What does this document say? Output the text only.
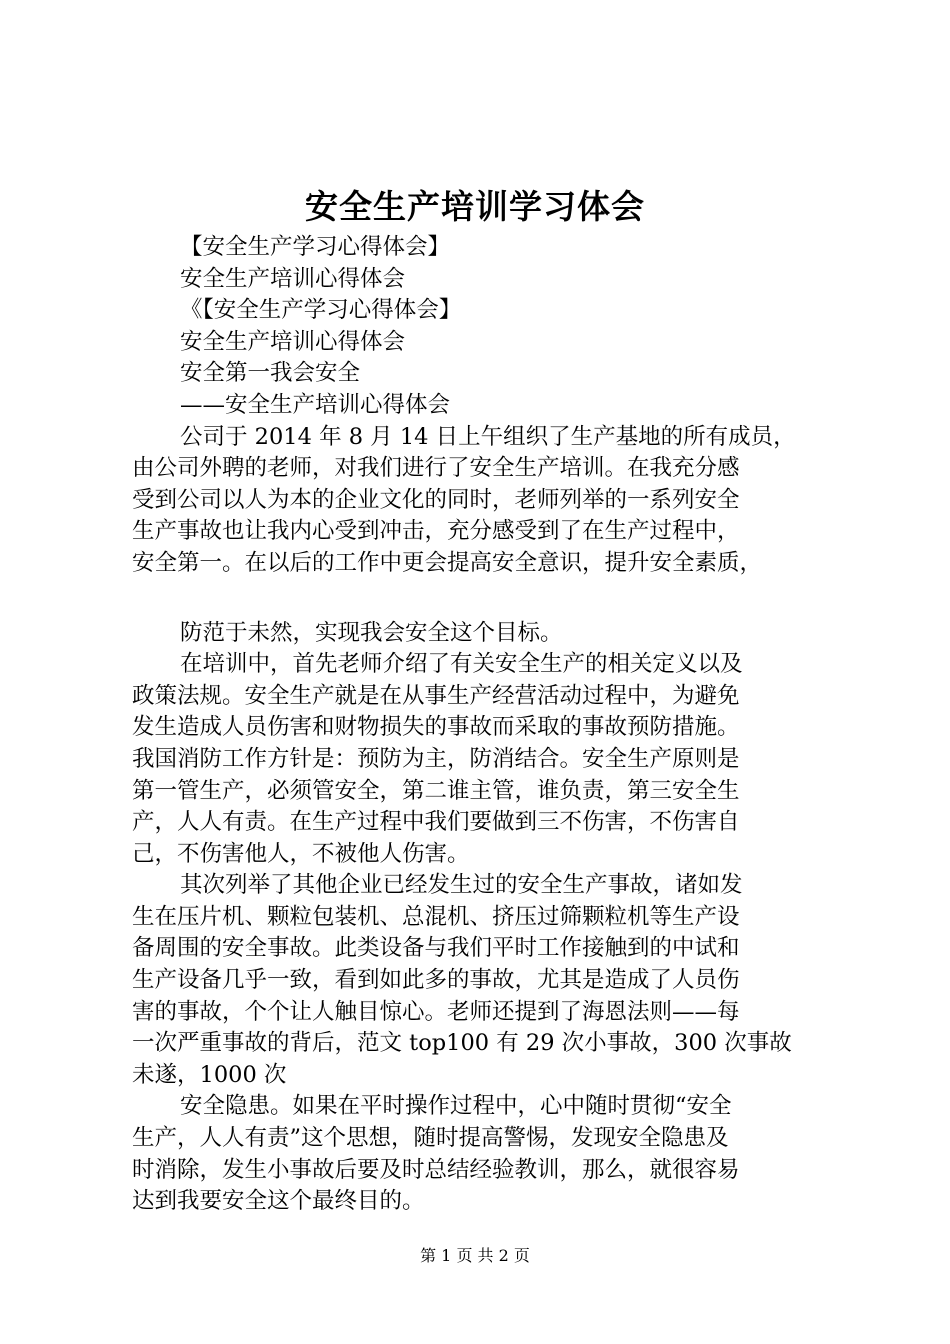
安全生产培训学习体会
【安全生产学习心得体会】
安全生产培训心得体会
《【安全生产学习心得体会】
安全生产培训心得体会
安全第一我会安全
——安全生产培训心得体会
公司于 2014 年 8 月 14 日上午组织了生产基地的所有成员，
由公司外聘的老师，对我们进行了安全生产培训。在我充分感
受到公司以人为本的企业文化的同时，老师列举的一系列安全
生产事故也让我内心受到冲击，充分感受到了在生产过程中，
安全第一。在以后的工作中更会提高安全意识，提升安全素质，
防范于未然，实现我会安全这个目标。
在培训中，首先老师介绍了有关安全生产的相关定义以及
政策法规。安全生产就是在从事生产经营活动过程中，为避免
发生造成人员伤害和财物损失的事故而采取的事故预防措施。
我国消防工作方针是：预防为主，防消结合。安全生产原则是
第一管生产，必须管安全，第二谁主管，谁负责，第三安全生
产，人人有责。在生产过程中我们要做到三不伤害，不伤害自
己，不伤害他人，不被他人伤害。
其次列举了其他企业已经发生过的安全生产事故，诸如发
生在压片机、颗粒包装机、总混机、挤压过筛颗粒机等生产设
备周围的安全事故。此类设备与我们平时工作接触到的中试和
生产设备几乎一致，看到如此多的事故，尤其是造成了人员伤
害的事故，个个让人触目惊心。老师还提到了海恩法则——每
一次严重事故的背后，范文 top100 有 29 次小事故，300 次事故
未遂，1000 次
安全隐患。如果在平时操作过程中，心中随时贯彻“安全
生产，人人有责”这个思想，随时提高警惕，发现安全隐患及
时消除，发生小事故后要及时总结经验教训，那么，就很容易
达到我要安全这个最终目的。
第 1 页 共 2 页
